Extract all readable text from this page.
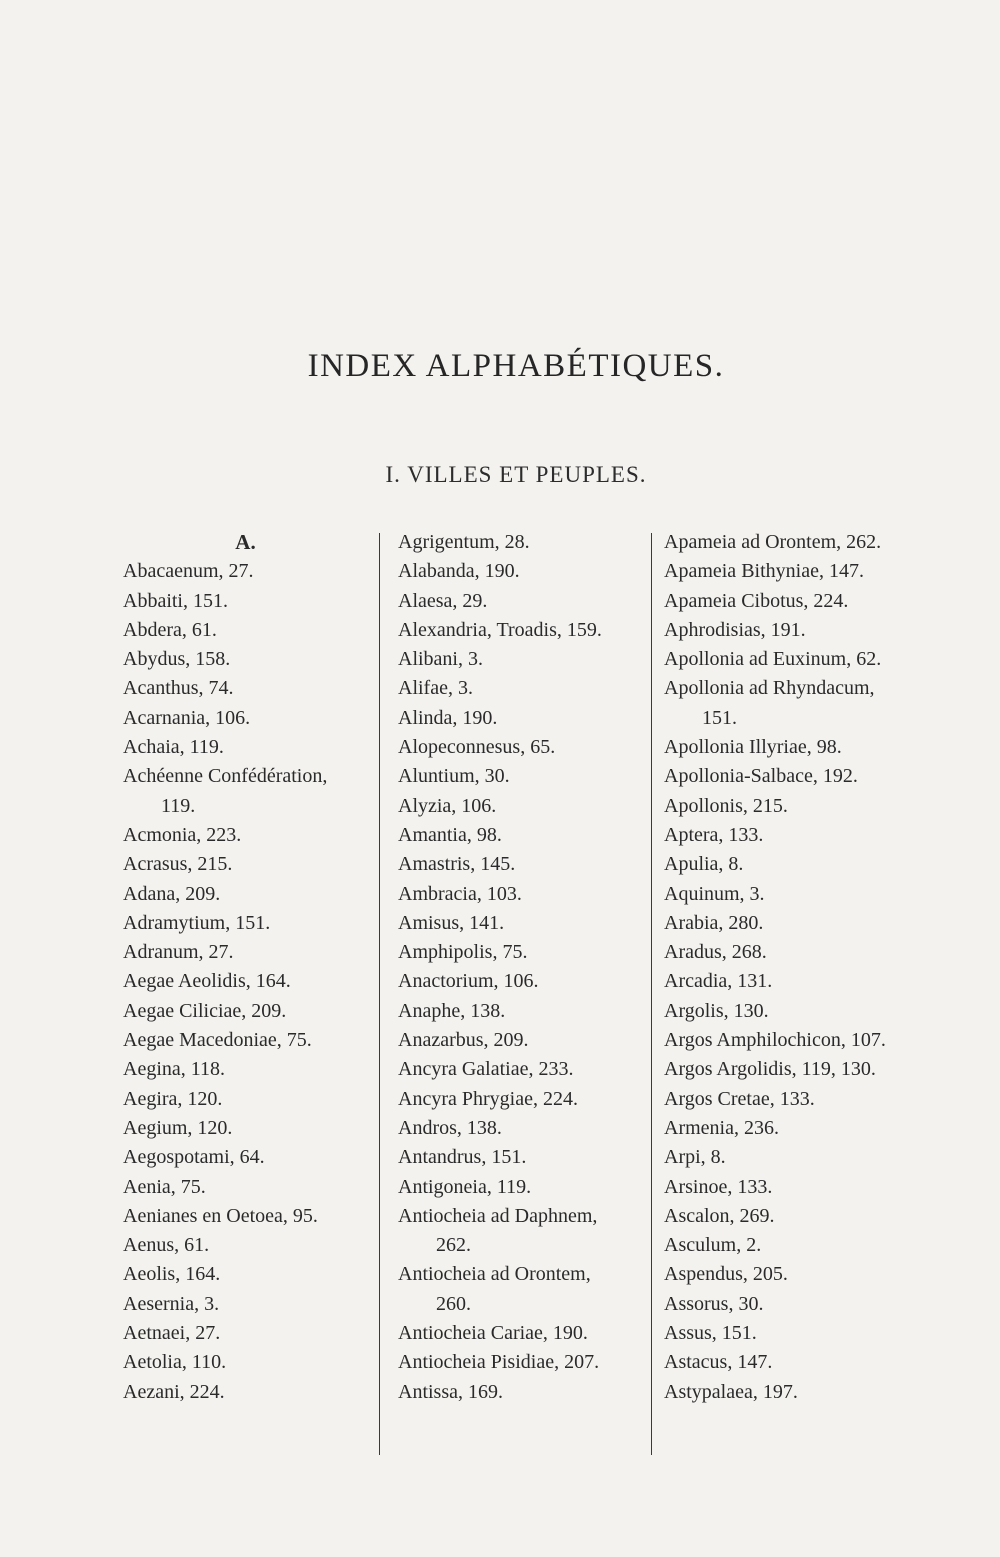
INDEX ALPHABÉTIQUES.
I. VILLES ET PEUPLES.
A.
Abacaenum, 27.
Abbaiti, 151.
Abdera, 61.
Abydus, 158.
Acanthus, 74.
Acarnania, 106.
Achaia, 119.
Achéenne Confédération,
119.
Acmonia, 223.
Acrasus, 215.
Adana, 209.
Adramytium, 151.
Adranum, 27.
Aegae Aeolidis, 164.
Aegae Ciliciae, 209.
Aegae Macedoniae, 75.
Aegina, 118.
Aegira, 120.
Aegium, 120.
Aegospotami, 64.
Aenia, 75.
Aenianes en Oetoea, 95.
Aenus, 61.
Aeolis, 164.
Aesernia, 3.
Aetnaei, 27.
Aetolia, 110.
Aezani, 224.
Agrigentum, 28.
Alabanda, 190.
Alaesa, 29.
Alexandria, Troadis, 159.
Alibani, 3.
Alifae, 3.
Alinda, 190.
Alopeconnesus, 65.
Aluntium, 30.
Alyzia, 106.
Amantia, 98.
Amastris, 145.
Ambracia, 103.
Amisus, 141.
Amphipolis, 75.
Anactorium, 106.
Anaphe, 138.
Anazarbus, 209.
Ancyra Galatiae, 233.
Ancyra Phrygiae, 224.
Andros, 138.
Antandrus, 151.
Antigoneia, 119.
Antiocheia ad Daphnem,
262.
Antiocheia ad Orontem,
260.
Antiocheia Cariae, 190.
Antiocheia Pisidiae, 207.
Antissa, 169.
Apameia ad Orontem, 262.
Apameia Bithyniae, 147.
Apameia Cibotus, 224.
Aphrodisias, 191.
Apollonia ad Euxinum, 62.
Apollonia ad Rhyndacum,
151.
Apollonia Illyriae, 98.
Apollonia-Salbace, 192.
Apollonis, 215.
Aptera, 133.
Apulia, 8.
Aquinum, 3.
Arabia, 280.
Aradus, 268.
Arcadia, 131.
Argolis, 130.
Argos Amphilochicon, 107.
Argos Argolidis, 119, 130.
Argos Cretae, 133.
Armenia, 236.
Arpi, 8.
Arsinoe, 133.
Ascalon, 269.
Asculum, 2.
Aspendus, 205.
Assorus, 30.
Assus, 151.
Astacus, 147.
Astypalaea, 197.
